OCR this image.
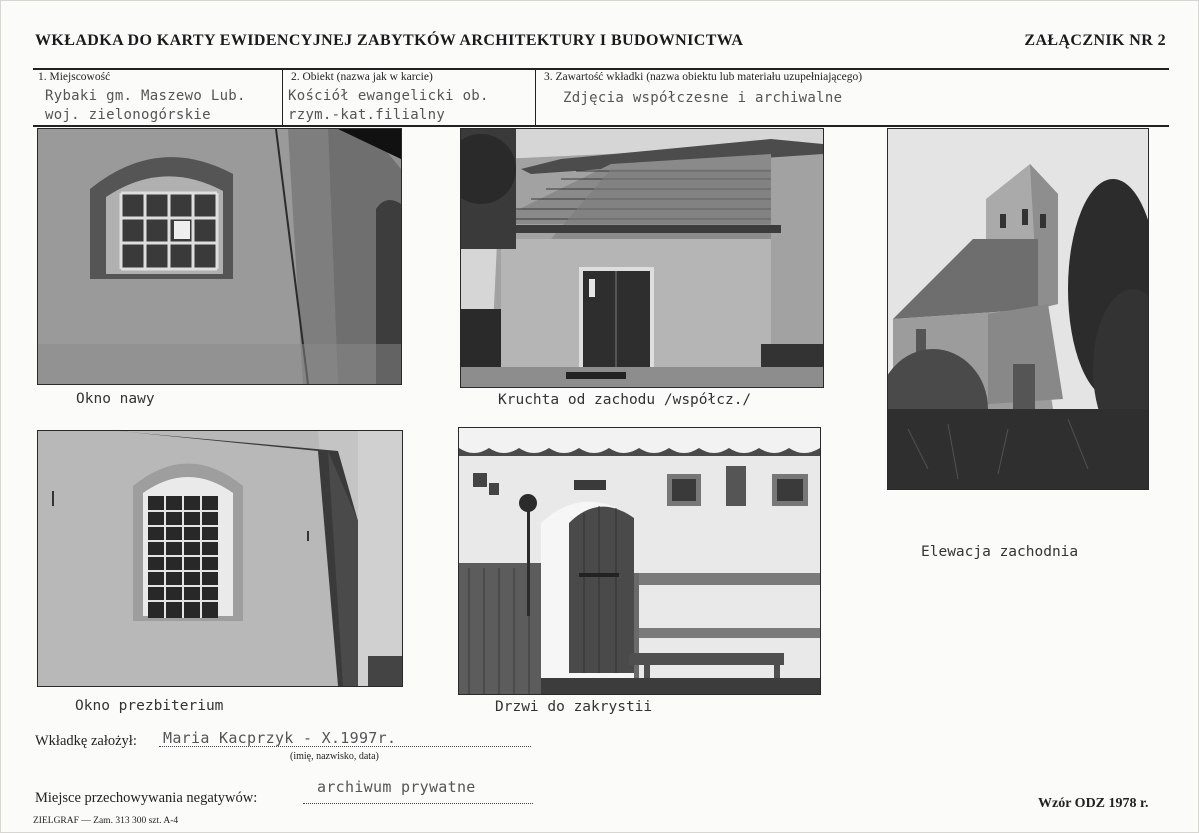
WKŁADKA DO KARTY EWIDENCYJNEJ ZABYTKÓW ARCHITEKTURY I BUDOWNICTWA	ZAŁĄCZNIK NR 2
1. Miejscowość
Rybaki gm. Maszewo Lub.
woj. zielonogórskie
2. Obiekt (nazwa jak w karcie)
Kościół ewangelicki ob.
rzym.-kat.filialny
3. Zawartość wkładki (nazwa obiektu lub materiału uzupełniającego)
Zdjęcia współczesne i archiwalne
Okno nawy	Kruchta od zachodu /współcz./
Elewacja zachodnia
Okno prezbiterium	Drzwi do zakrystii
Wkładkę założył: Maria Kacprzyk - X.1997r.
(imię, nazwisko, data)
Miejsce przechowywania negatywów:
archiwum prywatne
Wzór ODZ 1978 r.
ZIELGRAF — Zam. 313 300 szt. A-4
